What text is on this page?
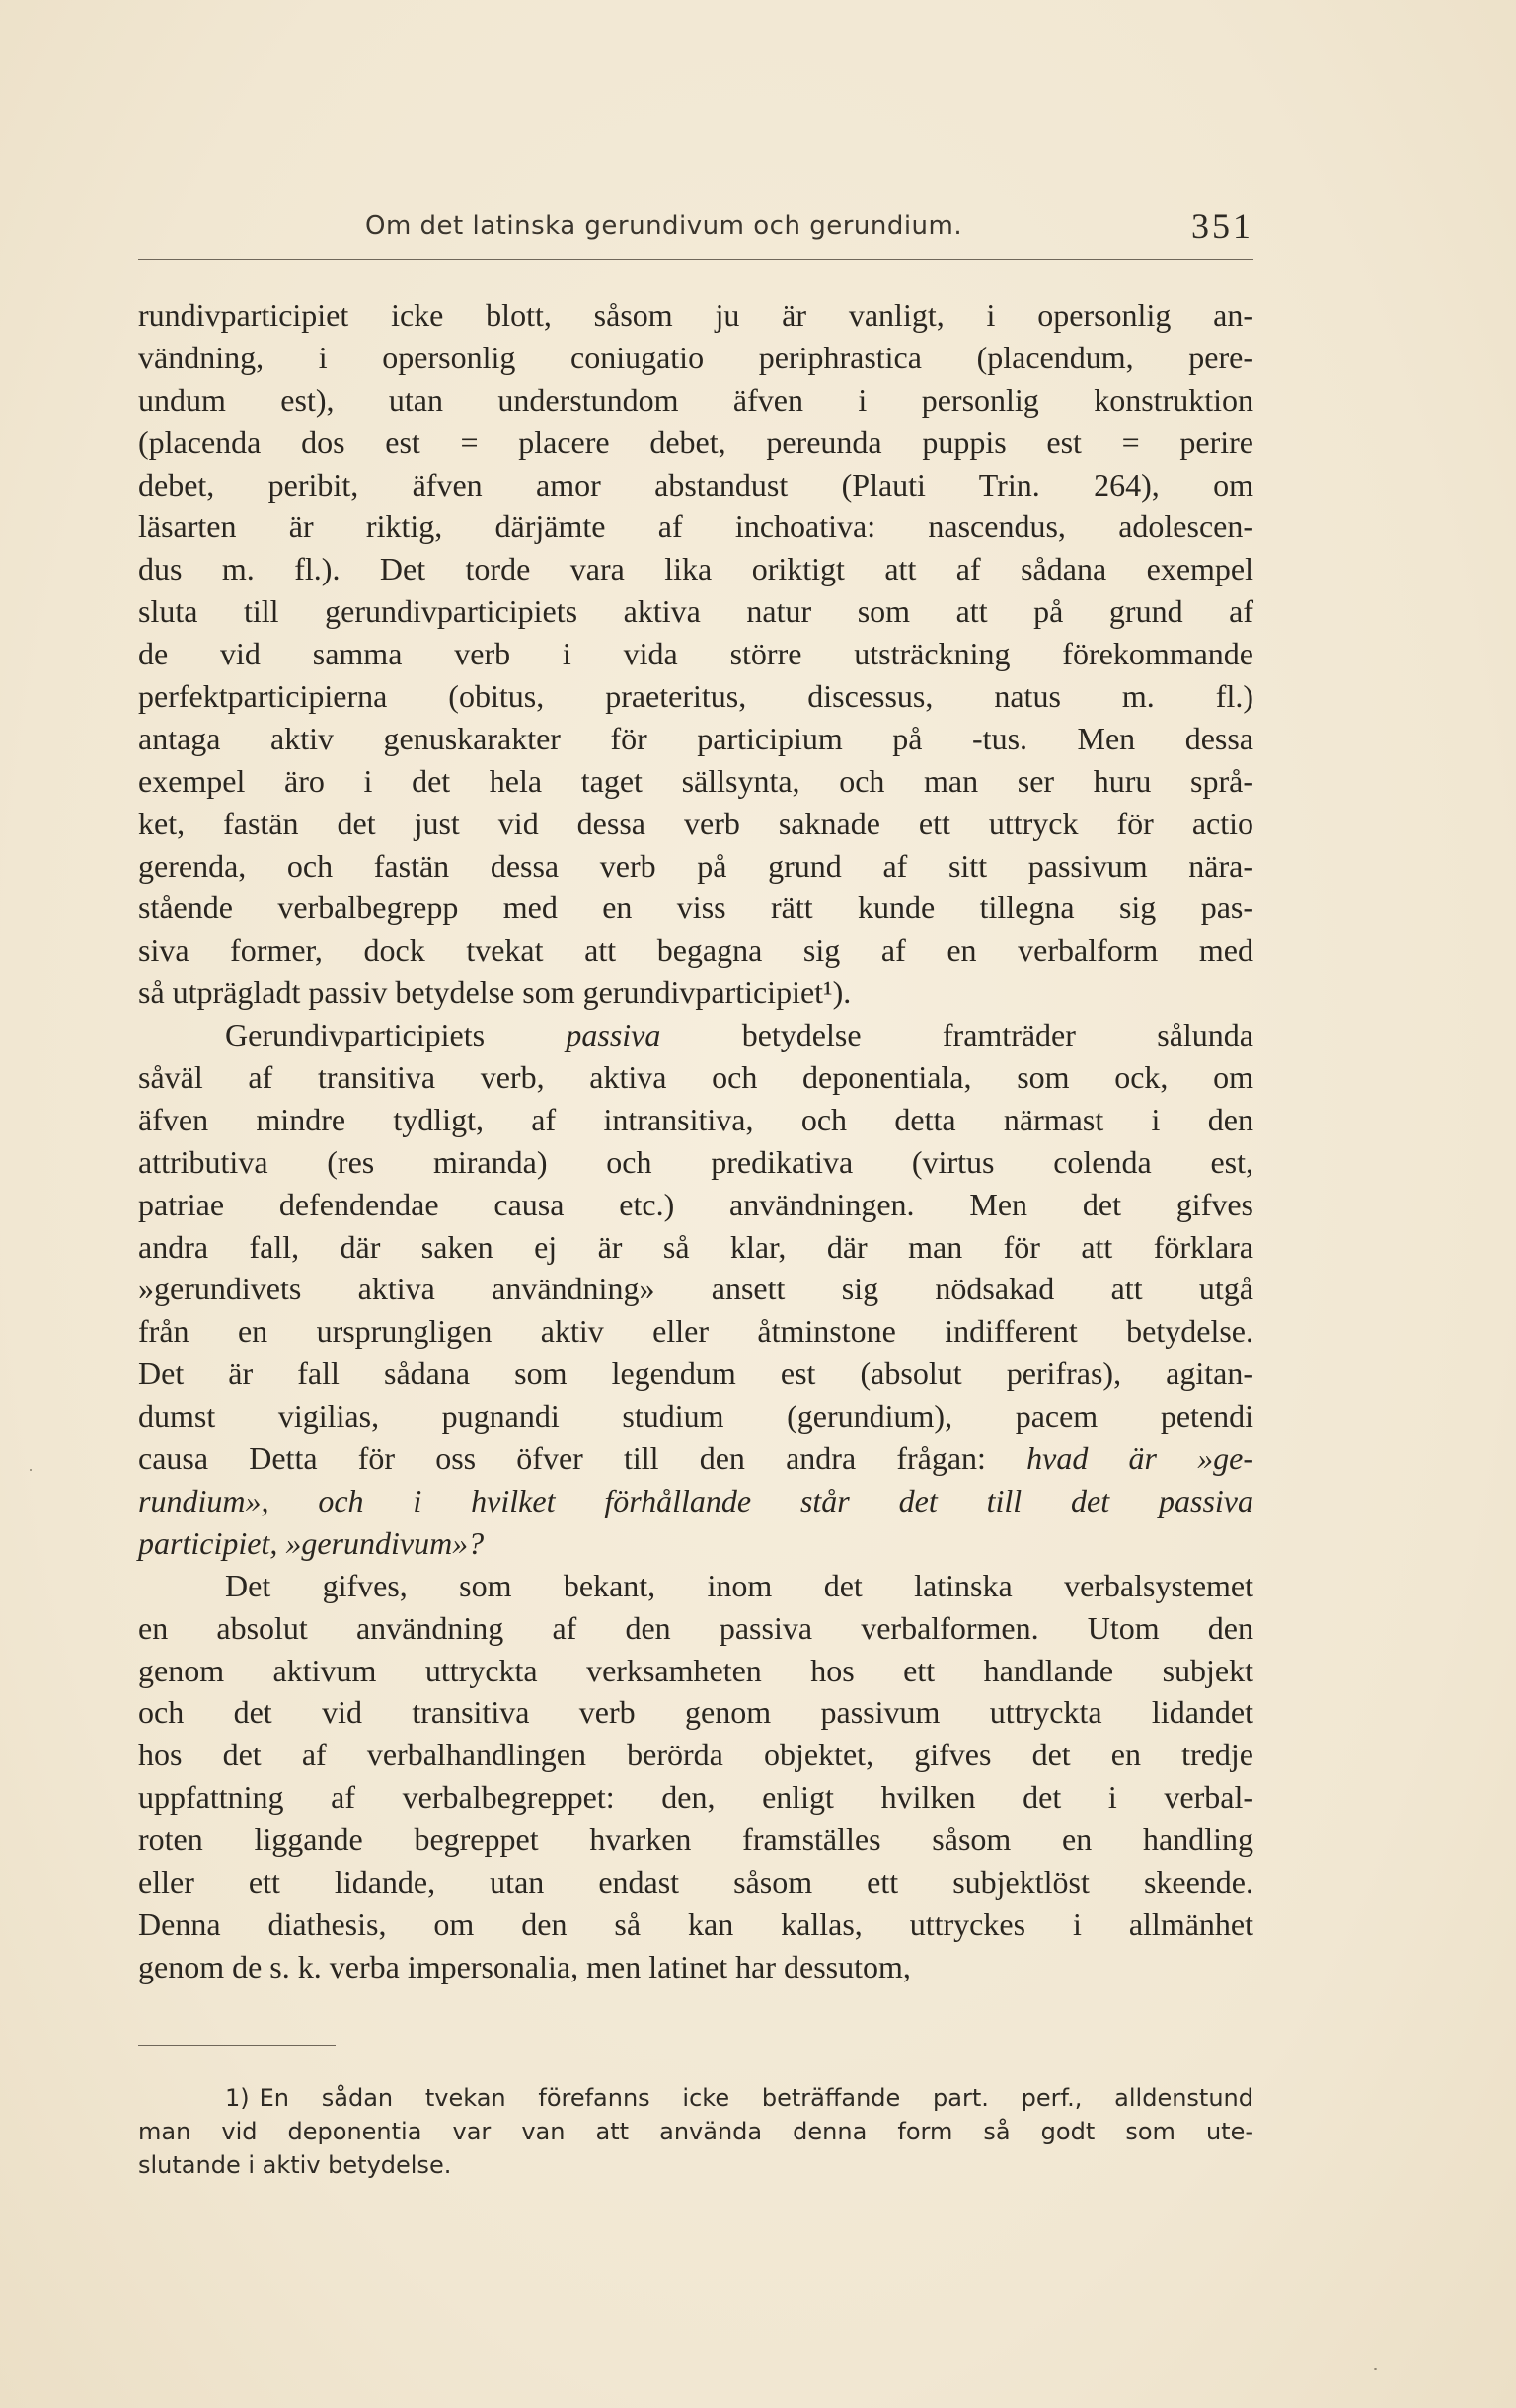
Om det latinska gerundivum och gerundium.	351
rundivparticipiet icke blott, såsom ju är vanligt, i opersonlig an-
vändning, i opersonlig coniugatio periphrastica (placendum, pere-
undum est), utan understundom äfven i personlig konstruktion
(placenda dos est = placere debet, pereunda puppis est = perire
debet, peribit, äfven amor abstandust (Plauti Trin. 264), om
läsarten är riktig, därjämte af inchoativa: nascendus, adolescen-
dus m. fl.). Det torde vara lika oriktigt att af sådana exempel
sluta till gerundivparticipiets aktiva natur som att på grund af
de vid samma verb i vida större utsträckning förekommande
perfektparticipierna (obitus, praeteritus, discessus, natus m. fl.)
antaga aktiv genuskarakter för participium på -tus. Men dessa
exempel äro i det hela taget sällsynta, och man ser huru språ-
ket, fastän det just vid dessa verb saknade ett uttryck för actio
gerenda, och fastän dessa verb på grund af sitt passivum nära-
stående verbalbegrepp med en viss rätt kunde tillegna sig pas-
siva former, dock tvekat att begagna sig af en verbalform med
så utprägladt passiv betydelse som gerundivparticipiet¹).
Gerundivparticipiets passiva betydelse framträder sålunda
såväl af transitiva verb, aktiva och deponentiala, som ock, om
äfven mindre tydligt, af intransitiva, och detta närmast i den
attributiva (res miranda) och predikativa (virtus colenda est,
patriae defendendae causa etc.) användningen. Men det gifves
andra fall, där saken ej är så klar, där man för att förklara
»gerundivets aktiva användning» ansett sig nödsakad att utgå
från en ursprungligen aktiv eller åtminstone indifferent betydelse.
Det är fall sådana som legendum est (absolut perifras), agitan-
dumst vigilias, pugnandi studium (gerundium), pacem petendi
causa Detta för oss öfver till den andra frågan: hvad är »ge-
rundium», och i hvilket förhållande står det till det passiva
participiet, »gerundivum»?
Det gifves, som bekant, inom det latinska verbalsystemet
en absolut användning af den passiva verbalformen. Utom den
genom aktivum uttryckta verksamheten hos ett handlande subjekt
och det vid transitiva verb genom passivum uttryckta lidandet
hos det af verbalhandlingen berörda objektet, gifves det en tredje
uppfattning af verbalbegreppet: den, enligt hvilken det i verbal-
roten liggande begreppet hvarken framställes såsom en handling
eller ett lidande, utan endast såsom ett subjektlöst skeende.
Denna diathesis, om den så kan kallas, uttryckes i allmänhet
genom de s. k. verba impersonalia, men latinet har dessutom,
1) En sådan tvekan förefanns icke beträffande part. perf., alldenstund
man vid deponentia var van att använda denna form så godt som ute-
slutande i aktiv betydelse.
